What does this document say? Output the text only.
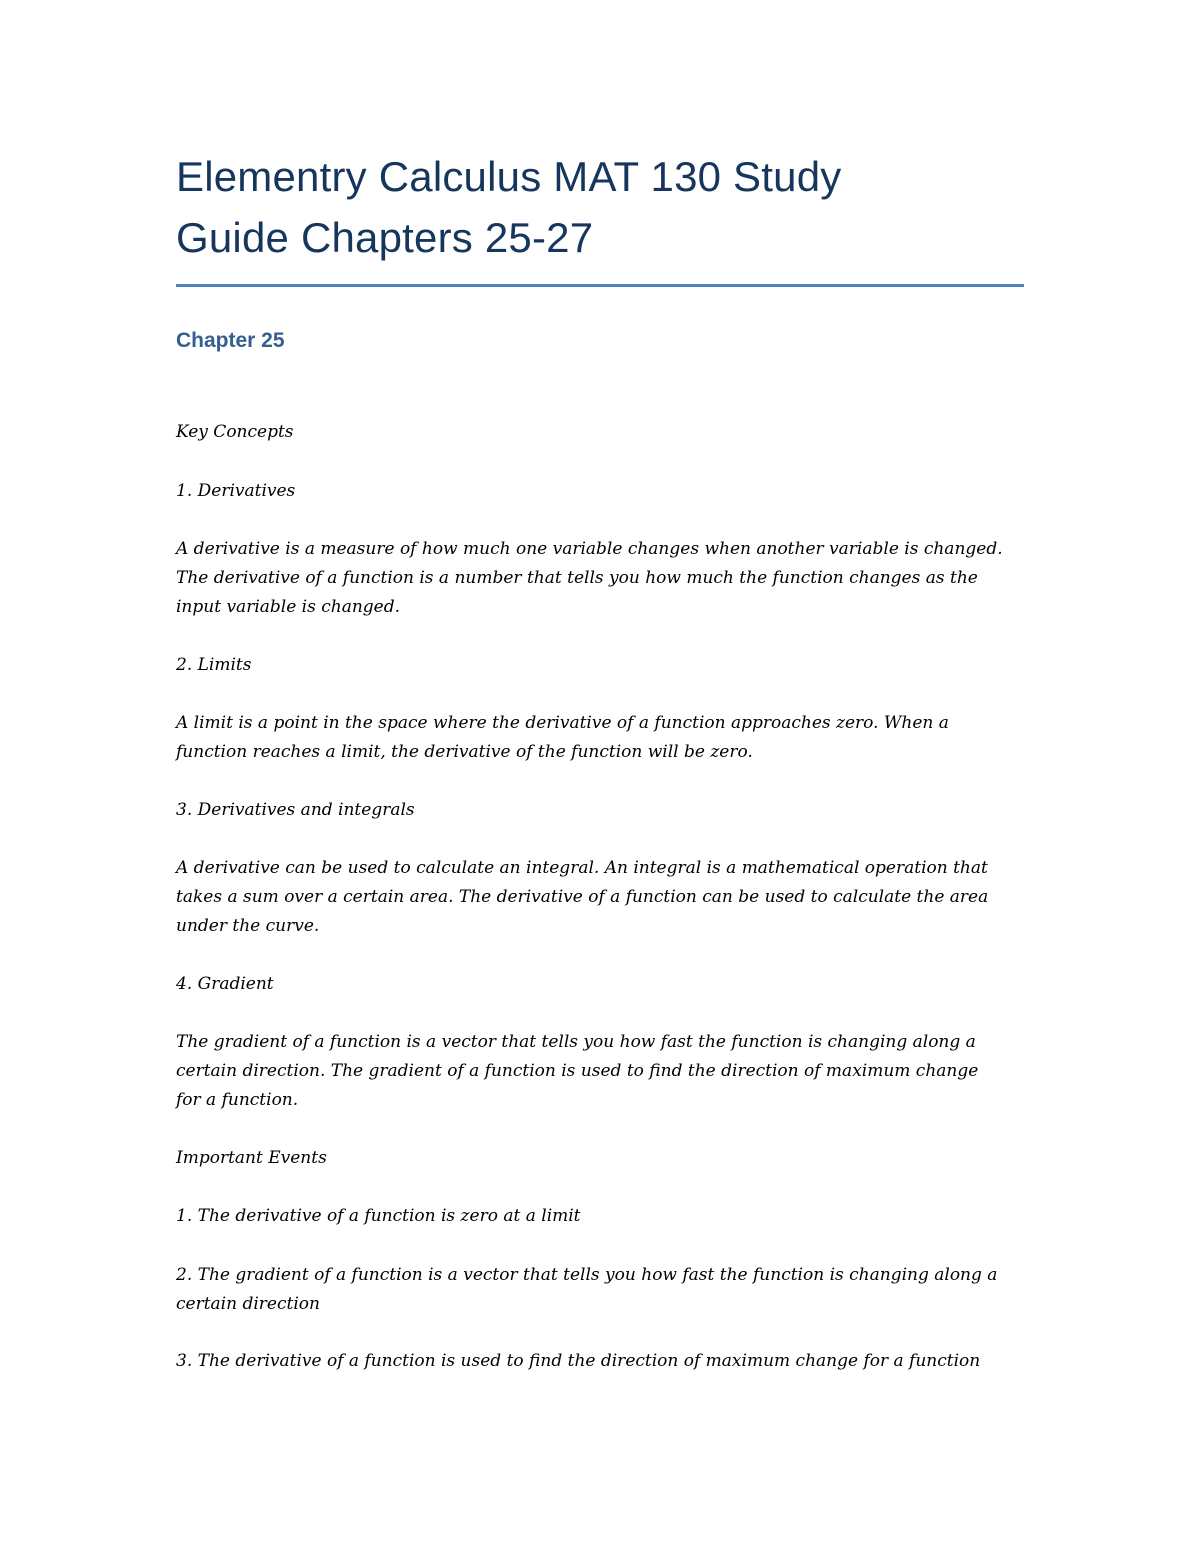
Elementry Calculus MAT 130 Study
Guide Chapters 25-27
Chapter 25

Key Concepts

1. Derivatives

A derivative is a measure of how much one variable changes when another variable is changed.
The derivative of a function is a number that tells you how much the function changes as the
input variable is changed.

2. Limits

A limit is a point in the space where the derivative of a function approaches zero. When a
function reaches a limit, the derivative of the function will be zero.

3. Derivatives and integrals

A derivative can be used to calculate an integral. An integral is a mathematical operation that
takes a sum over a certain area. The derivative of a function can be used to calculate the area
under the curve.

4. Gradient

The gradient of a function is a vector that tells you how fast the function is changing along a
certain direction. The gradient of a function is used to find the direction of maximum change
for a function.

Important Events

1. The derivative of a function is zero at a limit

2. The gradient of a function is a vector that tells you how fast the function is changing along a
certain direction

3. The derivative of a function is used to find the direction of maximum change for a function
